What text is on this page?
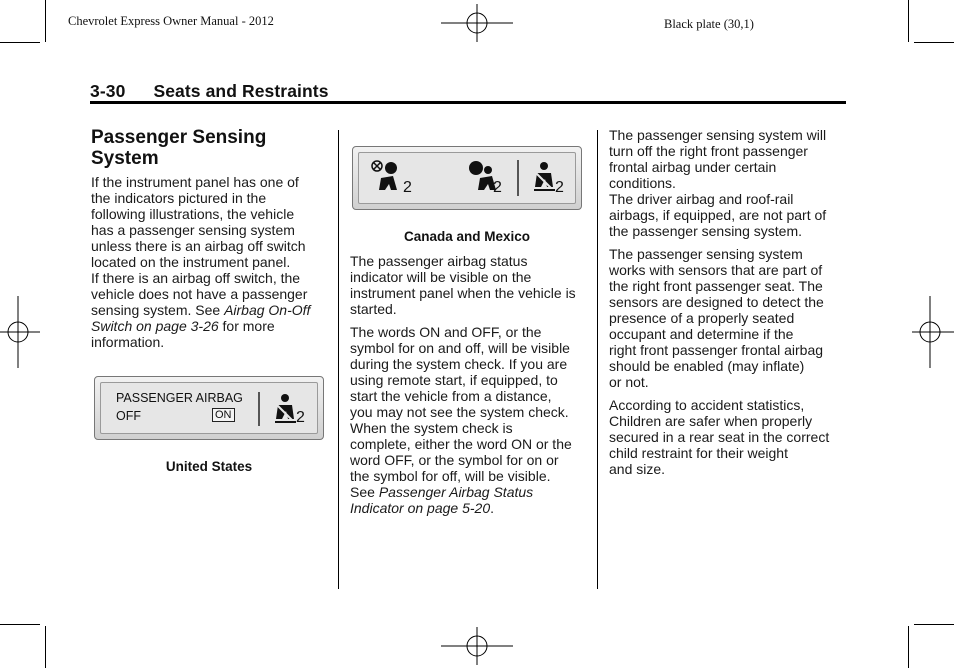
Chevrolet Express Owner Manual - 2012	Black plate (30,1)
3-30 Seats and Restraints
Passenger Sensing
System

If the instrument panel has one of
the indicators pictured in the
following illustrations, the vehicle
has a passenger sensing system
unless there is an airbag off switch
located on the instrument panel.
If there is an airbag off switch, the
vehicle does not have a passenger
sensing system. See Airbag On-Off
Switch on page 3-26 for more
information.

PASSENGER AIRBAG
OFF	ON	2
United States
2	2	2
Canada and Mexico

The passenger airbag status
indicator will be visible on the
instrument panel when the vehicle is
started.

The words ON and OFF, or the
symbol for on and off, will be visible
during the system check. If you are
using remote start, if equipped, to
start the vehicle from a distance,
you may not see the system check.
When the system check is
complete, either the word ON or the
word OFF, or the symbol for on or
the symbol for off, will be visible.
See Passenger Airbag Status
Indicator on page 5-20.

The passenger sensing system will
turn off the right front passenger
frontal airbag under certain
conditions.
The driver airbag and roof-rail
airbags, if equipped, are not part of
the passenger sensing system.

The passenger sensing system
works with sensors that are part of
the right front passenger seat. The
sensors are designed to detect the
presence of a properly seated
occupant and determine if the
right front passenger frontal airbag
should be enabled (may inflate)
or not.

According to accident statistics,
Children are safer when properly
secured in a rear seat in the correct
child restraint for their weight
and size.
